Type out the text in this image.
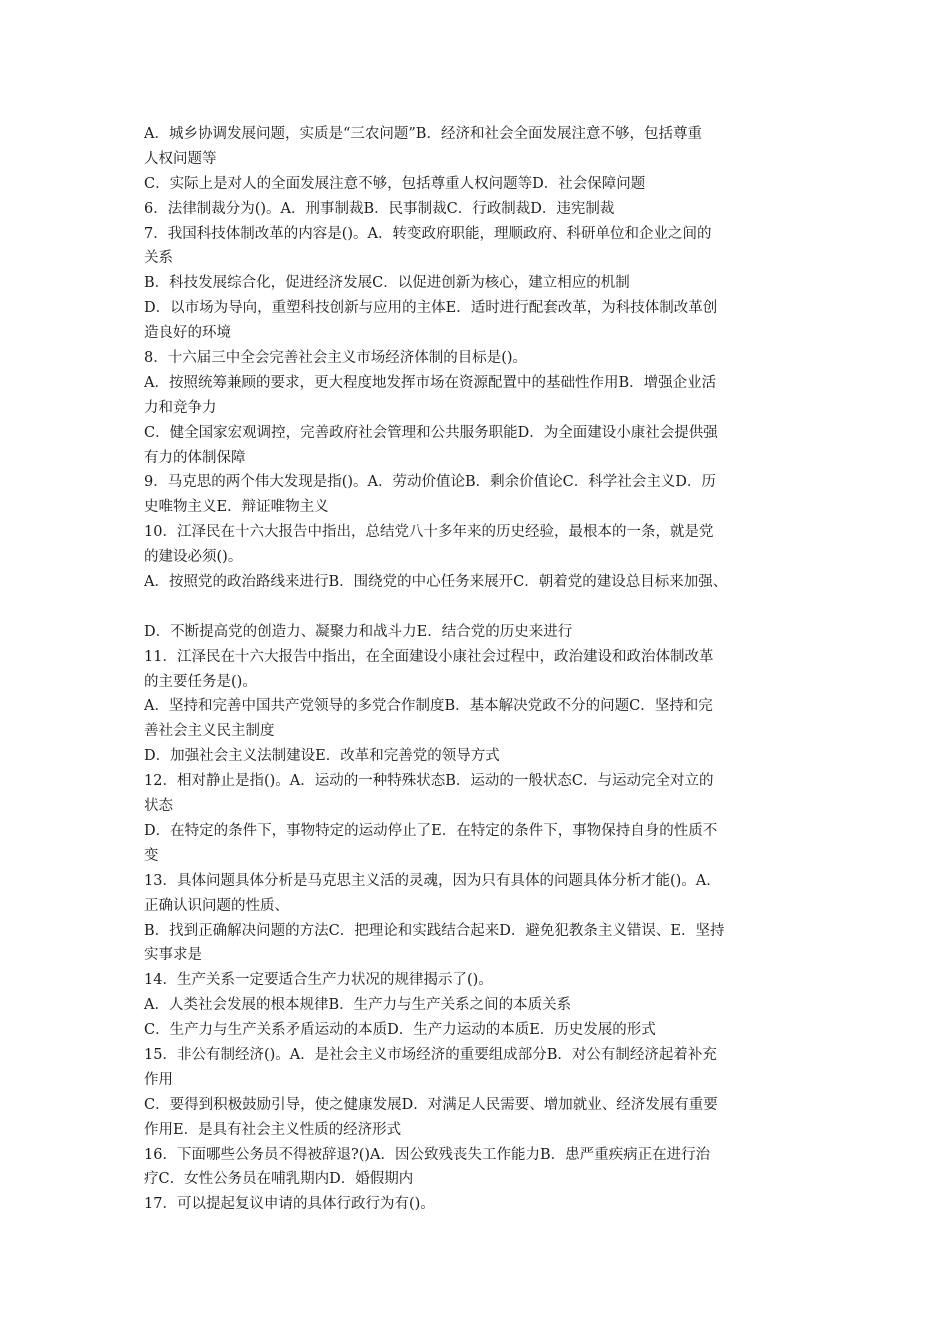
A．城乡协调发展问题，实质是“三农问题”B．经济和社会全面发展注意不够，包括尊重
人权问题等
C．实际上是对人的全面发展注意不够，包括尊重人权问题等D．社会保障问题
6．法律制裁分为()。A．刑事制裁B．民事制裁C．行政制裁D．违宪制裁
7．我国科技体制改革的内容是()。A．转变政府职能，理顺政府、科研单位和企业之间的
关系
B．科技发展综合化，促进经济发展C．以促进创新为核心，建立相应的机制
D．以市场为导向，重塑科技创新与应用的主体E．适时进行配套改革，为科技体制改革创
造良好的环境
8．十六届三中全会完善社会主义市场经济体制的目标是()。
A．按照统筹兼顾的要求，更大程度地发挥市场在资源配置中的基础性作用B．增强企业活
力和竞争力
C．健全国家宏观调控，完善政府社会管理和公共服务职能D．为全面建设小康社会提供强
有力的体制保障
9．马克思的两个伟大发现是指()。A．劳动价值论B．剩余价值论C．科学社会主义D．历
史唯物主义E．辩证唯物主义
10．江泽民在十六大报告中指出，总结党八十多年来的历史经验，最根本的一条，就是党
的建设必须()。
A．按照党的政治路线来进行B．围绕党的中心任务来展开C．朝着党的建设总目标来加强、
D．不断提高党的创造力、凝聚力和战斗力E．结合党的历史来进行
11．江泽民在十六大报告中指出，在全面建设小康社会过程中，政治建设和政治体制改革
的主要任务是()。
A．坚持和完善中国共产党领导的多党合作制度B．基本解决党政不分的问题C．坚持和完
善社会主义民主制度
D．加强社会主义法制建设E．改革和完善党的领导方式
12．相对静止是指()。A．运动的一种特殊状态B．运动的一般状态C．与运动完全对立的
状态
D．在特定的条件下，事物特定的运动停止了E．在特定的条件下，事物保持自身的性质不
变
13．具体问题具体分析是马克思主义活的灵魂，因为只有具体的问题具体分析才能()。A．
正确认识问题的性质、
B．找到正确解决问题的方法C．把理论和实践结合起来D．避免犯教条主义错误、E．坚持
实事求是
14．生产关系一定要适合生产力状况的规律揭示了()。
A．人类社会发展的根本规律B．生产力与生产关系之间的本质关系
C．生产力与生产关系矛盾运动的本质D．生产力运动的本质E．历史发展的形式
15．非公有制经济()。A．是社会主义市场经济的重要组成部分B．对公有制经济起着补充
作用
C．要得到积极鼓励引导，使之健康发展D．对满足人民需要、增加就业、经济发展有重要
作用E．是具有社会主义性质的经济形式
16．下面哪些公务员不得被辞退?()A．因公致残丧失工作能力B．患严重疾病正在进行治
疗C．女性公务员在哺乳期内D．婚假期内
17．可以提起复议申请的具体行政行为有()。
